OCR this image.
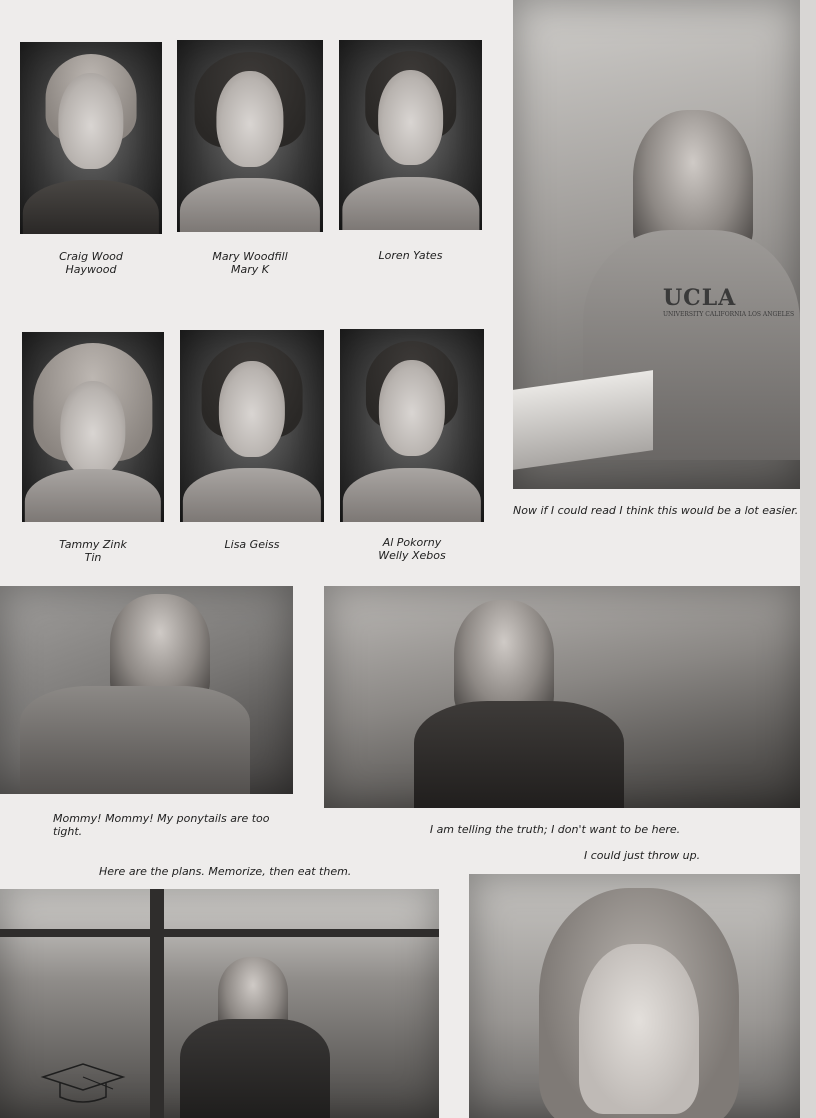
Craig Wood
Haywood
Mary Woodfill
Mary K
Loren Yates
Tammy Zink
Tin
Lisa Geiss	Al Pokorny
Welly Xebos
UCLA
UNIVERSITY CALIFORNIA LOS ANGELES
Now if I could read I think this would be a lot easier.
Mommy! Mommy! My ponytails are too tight.	I am telling the truth; I don't want to be here.
I could just throw up.
Here are the plans. Memorize, then eat them.
